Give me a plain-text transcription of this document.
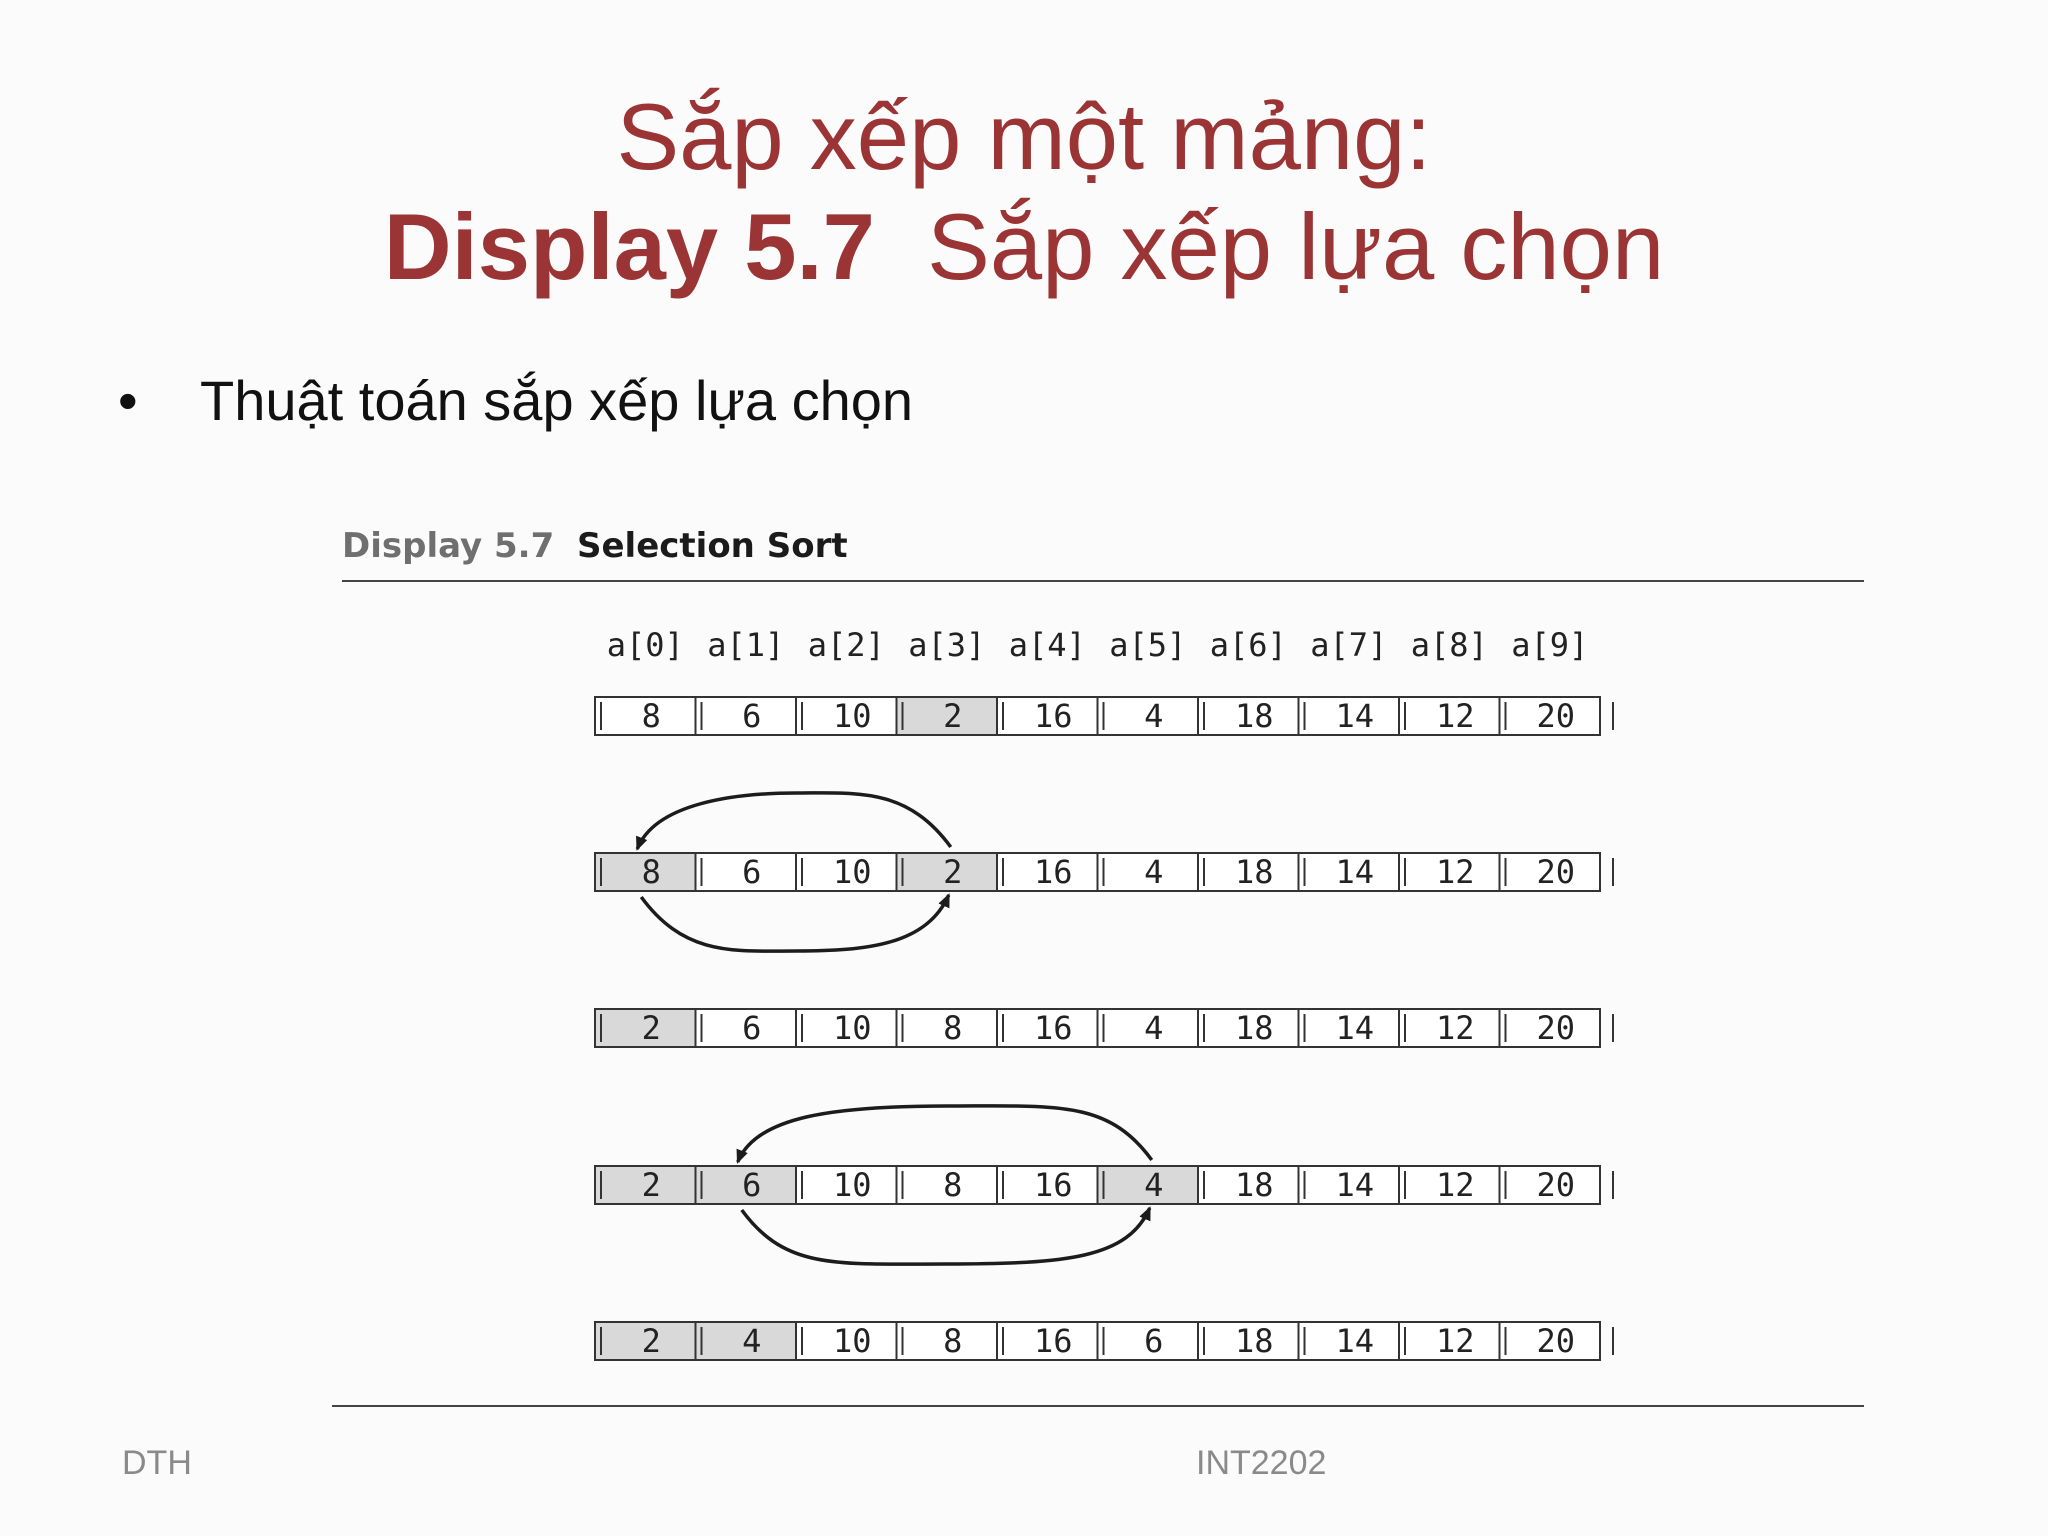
Sắp xếp một mảng:
Display 5.7 Sắp xếp lựa chọn
• Thuật toán sắp xếp lựa chọn
Display 5.7 Selection Sort
a[0] a[1] a[2] a[3] a[4] a[5] a[6] a[7] a[8] a[9]
8	6 10 2 16 4 18 14 12 20
8	6 10 2 16 4 18 14 12 20
2	6 10 8 16 4 18 14 12 20
2	6 10 8 16 4 18 14 12 20
2	4 10 8 16 6 18 14 12 20
DTH	INT2202
